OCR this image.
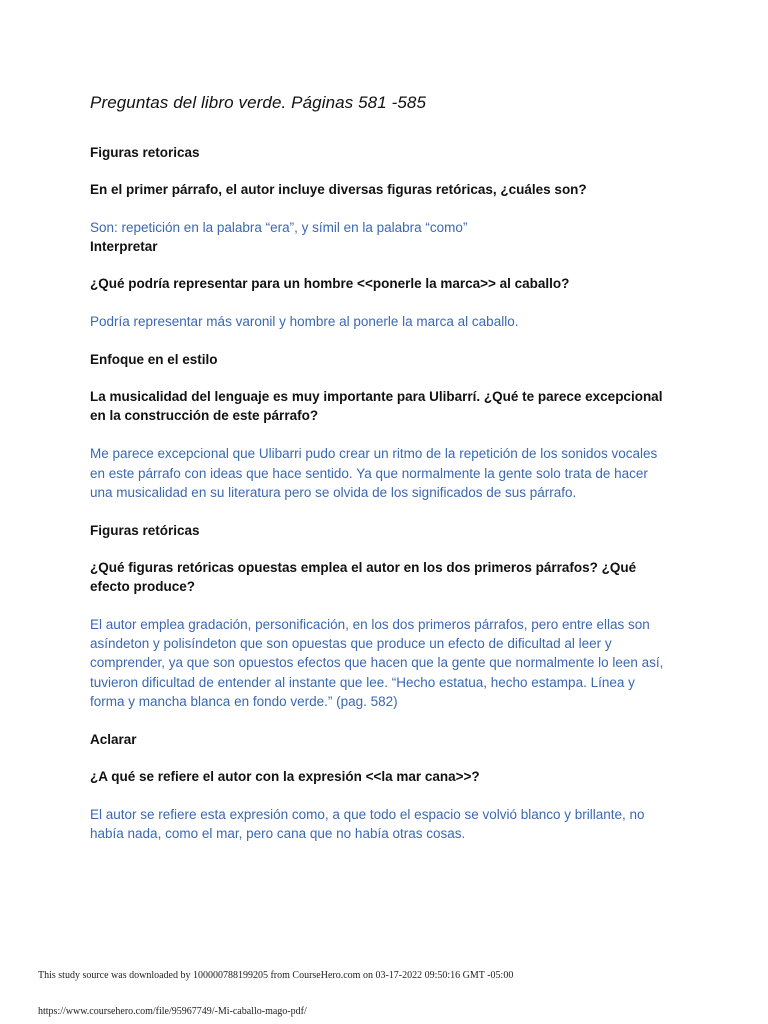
Preguntas del libro verde. Páginas 581 -585
Figuras retoricas
En el primer párrafo, el autor incluye diversas figuras retóricas, ¿cuáles son?
Son: repetición en la palabra “era”, y símil en la palabra “como”
Interpretar
¿Qué podría representar para un hombre <<ponerle la marca>> al caballo?
Podría representar más varonil y hombre al ponerle la marca al caballo.
Enfoque en el estilo
La musicalidad del lenguaje es muy importante para Ulibarrí. ¿Qué te parece excepcional
en la construcción de este párrafo?
Me parece excepcional que Ulibarri pudo crear un ritmo de la repetición de los sonidos vocales
en este párrafo con ideas que hace sentido. Ya que normalmente la gente solo trata de hacer
una musicalidad en su literatura pero se olvida de los significados de sus párrafo.
Figuras retóricas
¿Qué figuras retóricas opuestas emplea el autor en los dos primeros párrafos? ¿Qué
efecto produce?
El autor emplea gradación, personificación, en los dos primeros párrafos, pero entre ellas son
asíndeton y polisíndeton que son opuestas que produce un efecto de dificultad al leer y
comprender, ya que son opuestos efectos que hacen que la gente que normalmente lo leen así,
tuvieron dificultad de entender al instante que lee. “Hecho estatua, hecho estampa. Línea y
forma y mancha blanca en fondo verde.” (pag. 582)
Aclarar
¿A qué se refiere el autor con la expresión <<la mar cana>>?
El autor se refiere esta expresión como, a que todo el espacio se volvió blanco y brillante, no
había nada, como el mar, pero cana que no había otras cosas.
This study source was downloaded by 100000788199205 from CourseHero.com on 03-17-2022 09:50:16 GMT -05:00
https://www.coursehero.com/file/95967749/-Mi-caballo-mago-pdf/
